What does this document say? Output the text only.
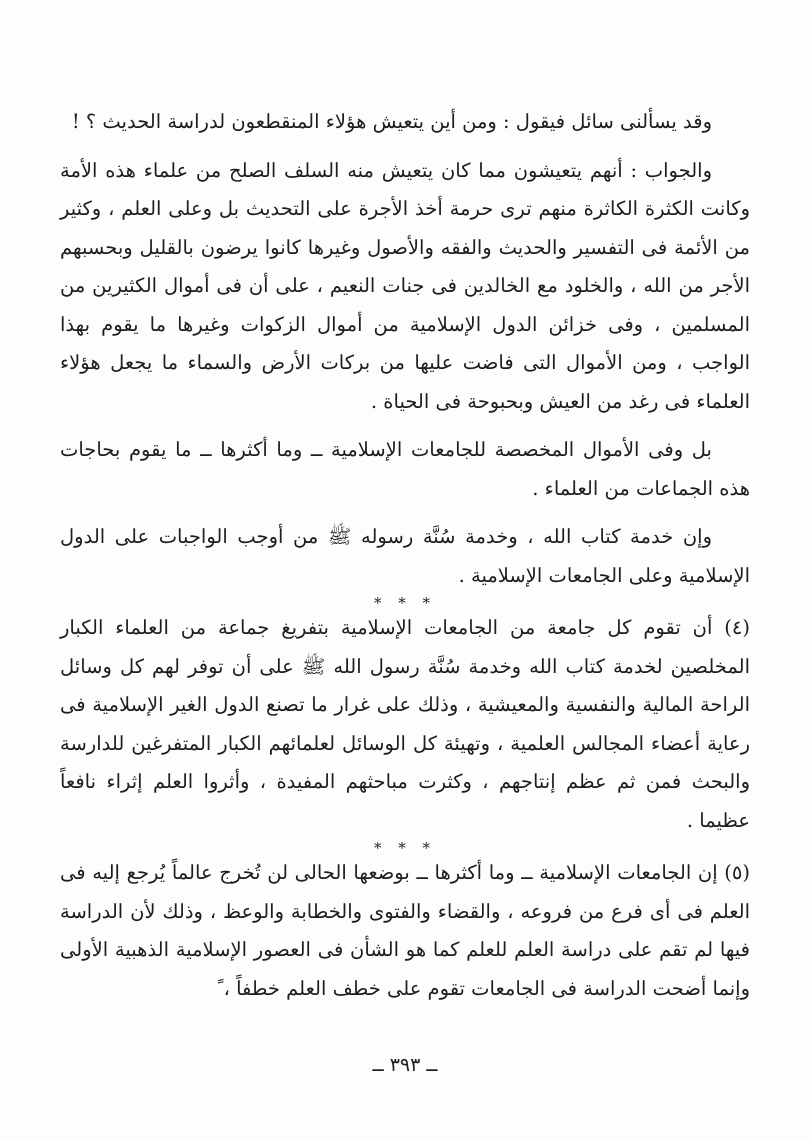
وقد يسألنى سائل فيقول : ومن أين يتعيش هؤلاء المنقطعون لدراسة الحديث ؟ !

والجواب : أنهم يتعيشون مما كان يتعيش منه السلف الصلح من علماء هذه الأمة وكانت الكثرة الكاثرة منهم ترى حرمة أخذ الأجرة على التحديث بل وعلى العلم ، وكثير من الأئمة فى التفسير والحديث والفقه والأصول وغيرها كانوا يرضون بالقليل وبحسبهم الأجر من الله ، والخلود مع الخالدين فى جنات النعيم ، على أن فى أموال الكثيرين من المسلمين ، وفى خزائن الدول الإسلامية من أموال الزكوات وغيرها ما يقوم بهذا الواجب ، ومن الأموال التى فاضت عليها من بركات الأرض والسماء ما يجعل هؤلاء العلماء فى رغد من العيش وبحبوحة فى الحياة .

بل وفى الأموال المخصصة للجامعات الإسلامية ــ وما أكثرها ــ ما يقوم بحاجات هذه الجماعات من العلماء .

وإن خدمة كتاب الله ، وخدمة سُنَّة رسوله ﷺ من أوجب الواجبات على الدول الإسلامية وعلى الجامعات الإسلامية .

* * *

(٤) أن تقوم كل جامعة من الجامعات الإسلامية بتفريغ جماعة من العلماء الكبار المخلصين لخدمة كتاب الله وخدمة سُنَّة رسول الله ﷺ على أن توفر لهم كل وسائل الراحة المالية والنفسية والمعيشية ، وذلك على غرار ما تصنع الدول الغير الإسلامية فى رعاية أعضاء المجالس العلمية ، وتهيئة كل الوسائل لعلمائهم الكبار المتفرغين للدارسة والبحث فمن ثم عظم إنتاجهم ، وكثرت مباحثهم المفيدة ، وأثروا العلم إثراء نافعاً عظيما .

* * *

(٥) إن الجامعات الإسلامية ــ وما أكثرها ــ بوضعها الحالى لن تُخرج عالماً يُرجع إليه فى العلم فى أى فرع من فروعه ، والقضاء والفتوى والخطابة والوعظ ، وذلك لأن الدراسة فيها لم تقم على دراسة العلم للعلم كما هو الشأن فى العصور الإسلامية الذهبية الأولى وإنما أضحت الدراسة فى الجامعات تقوم على خطف العلم خطفاً ، ً

ــ ٣٩٣ ــ
